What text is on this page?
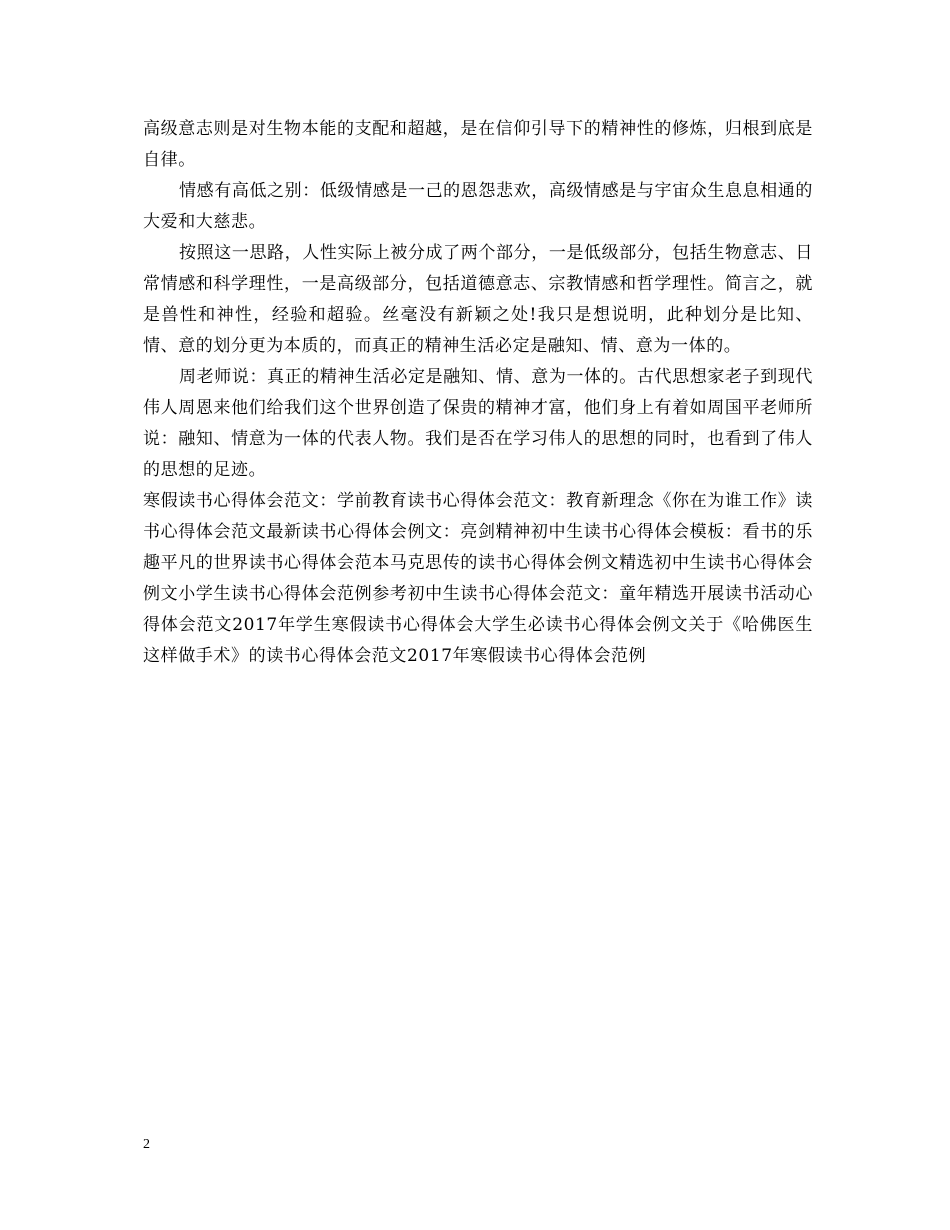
高级意志则是对生物本能的支配和超越，是在信仰引导下的精神性的修炼，归根到底是自律。

情感有高低之别：低级情感是一己的恩怨悲欢，高级情感是与宇宙众生息息相通的大爱和大慈悲。

按照这一思路，人性实际上被分成了两个部分，一是低级部分，包括生物意志、日常情感和科学理性，一是高级部分，包括道德意志、宗教情感和哲学理性。简言之，就是兽性和神性，经验和超验。丝毫没有新颖之处!我只是想说明，此种划分是比知、情、意的划分更为本质的，而真正的精神生活必定是融知、情、意为一体的。

周老师说：真正的精神生活必定是融知、情、意为一体的。古代思想家老子到现代伟人周恩来他们给我们这个世界创造了保贵的精神才富，他们身上有着如周国平老师所说：融知、情意为一体的代表人物。我们是否在学习伟人的思想的同时，也看到了伟人的思想的足迹。

寒假读书心得体会范文：学前教育读书心得体会范文：教育新理念《你在为谁工作》读书心得体会范文最新读书心得体会例文：亮剑精神初中生读书心得体会模板：看书的乐趣平凡的世界读书心得体会范本马克思传的读书心得体会例文精选初中生读书心得体会例文小学生读书心得体会范例参考初中生读书心得体会范文：童年精选开展读书活动心得体会范文2017年学生寒假读书心得体会大学生必读书心得体会例文关于《哈佛医生这样做手术》的读书心得体会范文2017年寒假读书心得体会范例

2
